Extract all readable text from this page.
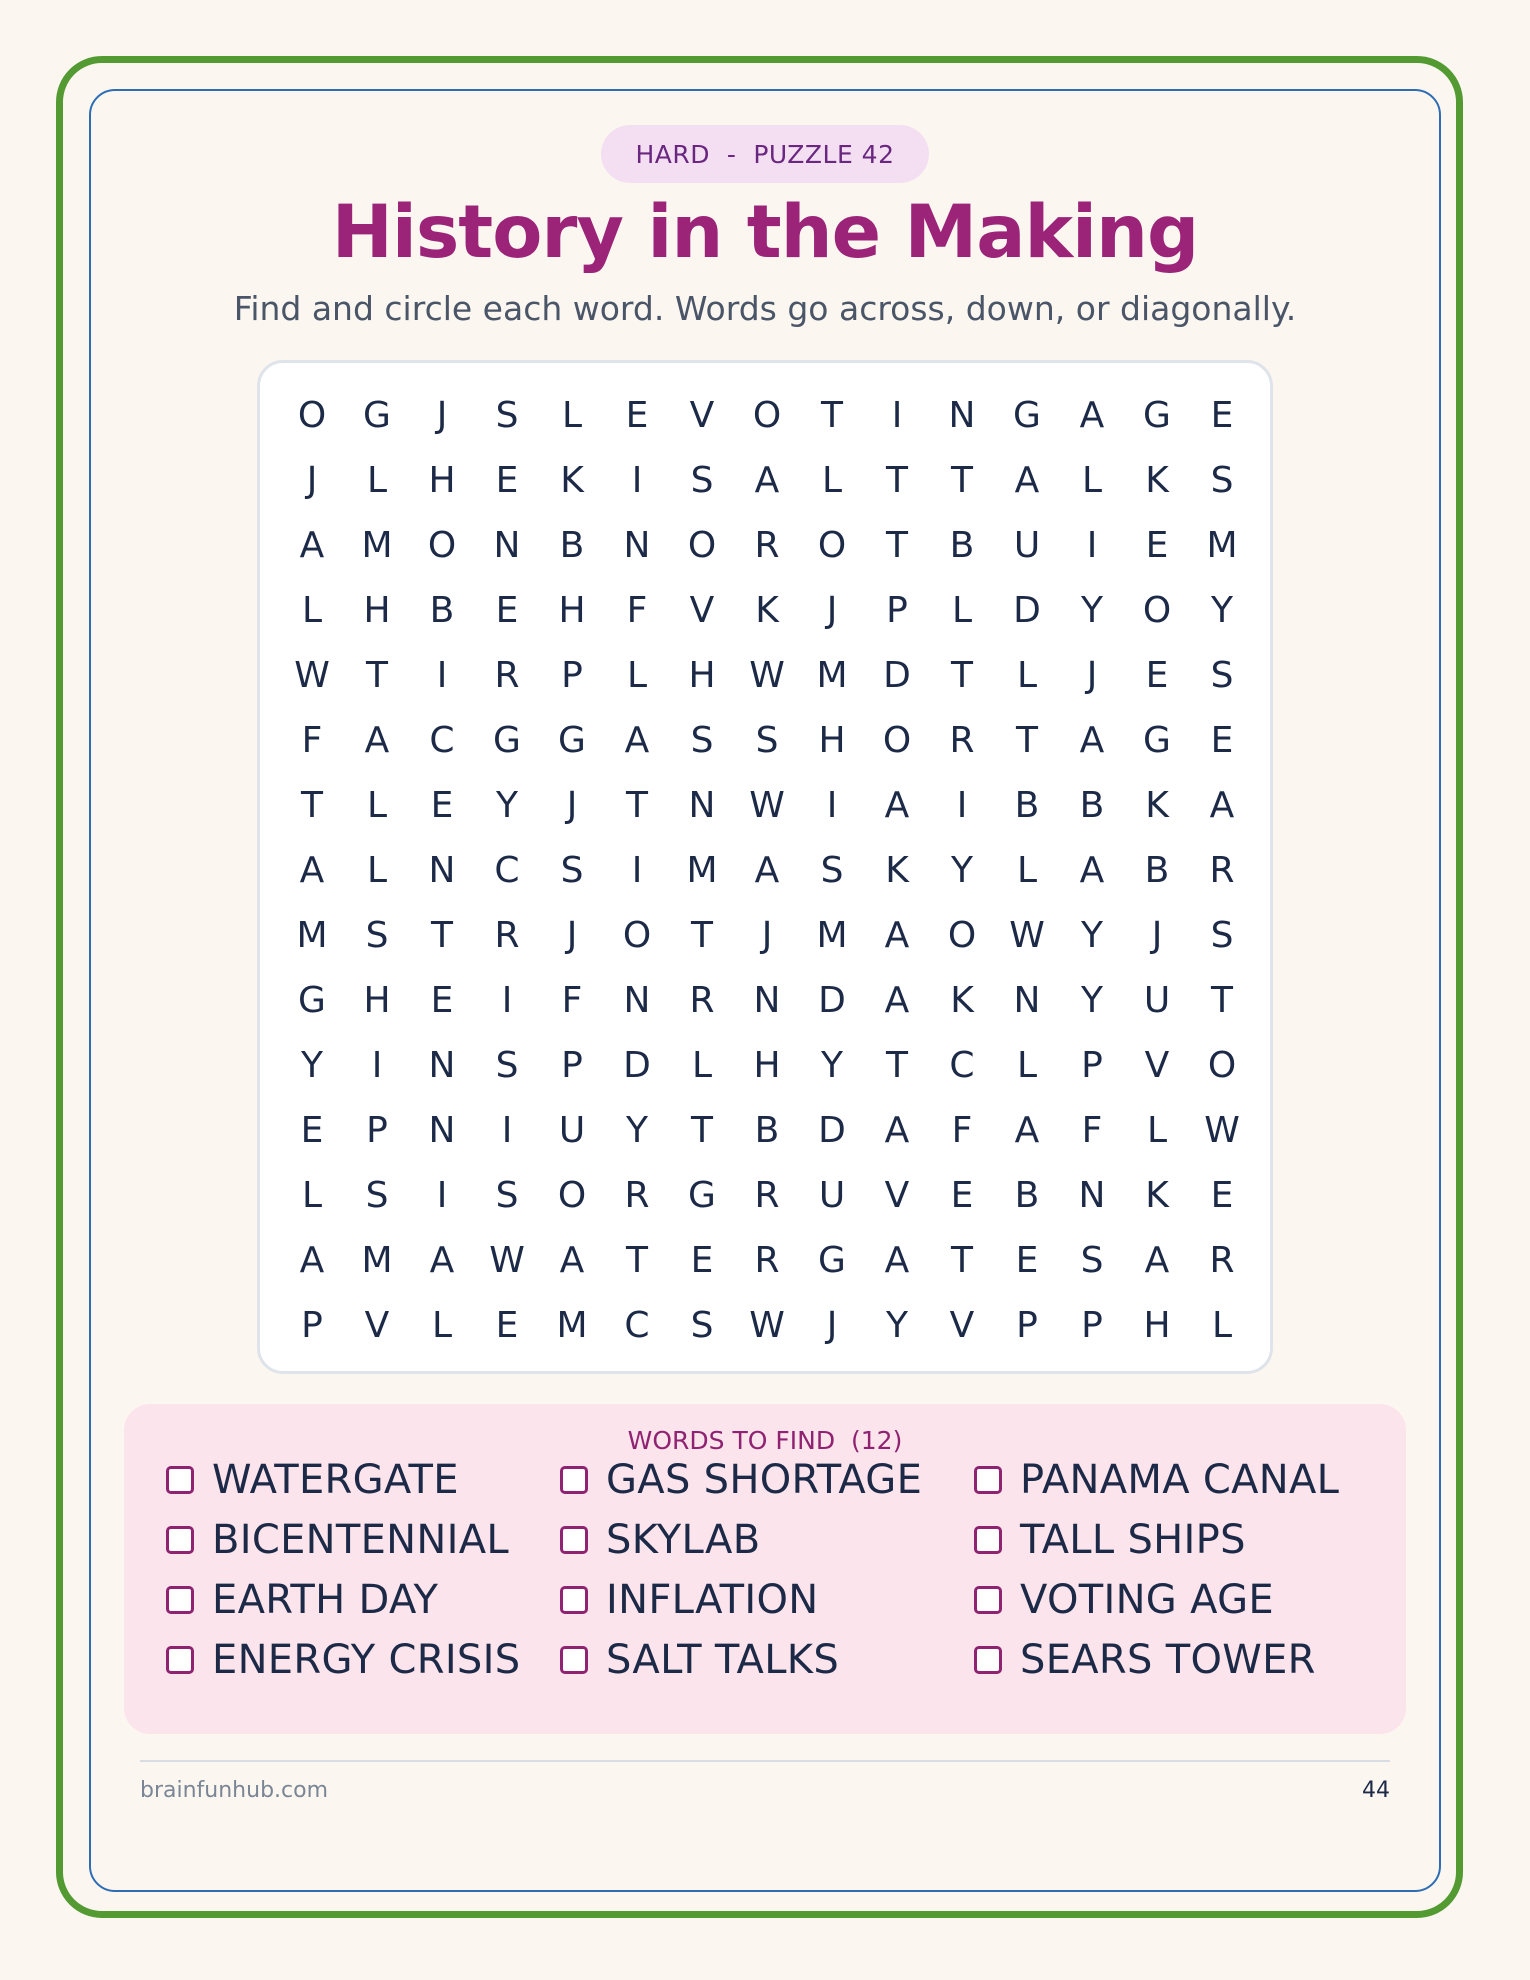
HARD - PUZZLE 42
History in the Making
Find and circle each word. Words go across, down, or diagonally.
O	G	J	S	L	E	V	O	T	I	N	G	A	G	E
J	L	H	E	K	I	S	A	L	T	T	A	L	K	S
A	M O	N	B	N	O	R	O	T	B	U	I	E	M
L	H	B	E	H	F	V	K	J	P	L	D	Y	O	Y
W	T	I	R	P	L	H W M D	T	L	J	E	S
F	A	C	G	G	A	S	S	H	O	R	T	A	G	E
T	L	E	Y	J	T	N W	I	A	I	B	B	K	A
A	L	N	C	S	I	M	A	S	K	Y	L	A	B	R
M	S	T	R	J	O	T	J	M	A	O W	Y	J	S
G	H	E	I	F	N	R	N	D	A	K	N	Y	U	T
Y	I	N	S	P	D	L	H	Y	T	C	L	P	V	O
E	P	N	I	U	Y	T	B	D	A	F	A	F	L	W
L	S	I	S	O	R	G	R	U	V	E	B	N	K	E
A	M	A W A	T	E	R	G	A	T	E	S	A	R
P	V	L	E	M	C	S W	J	Y	V	P	P	H	L
WORDS TO FIND (12)
WATERGATE
BICENTENNIAL
EARTH DAY
ENERGY CRISIS
GAS SHORTAGE
SKYLAB
INFLATION
SALT TALKS
PANAMA CANAL
TALL SHIPS
VOTING AGE
SEARS TOWER
brainfunhub.com	44
